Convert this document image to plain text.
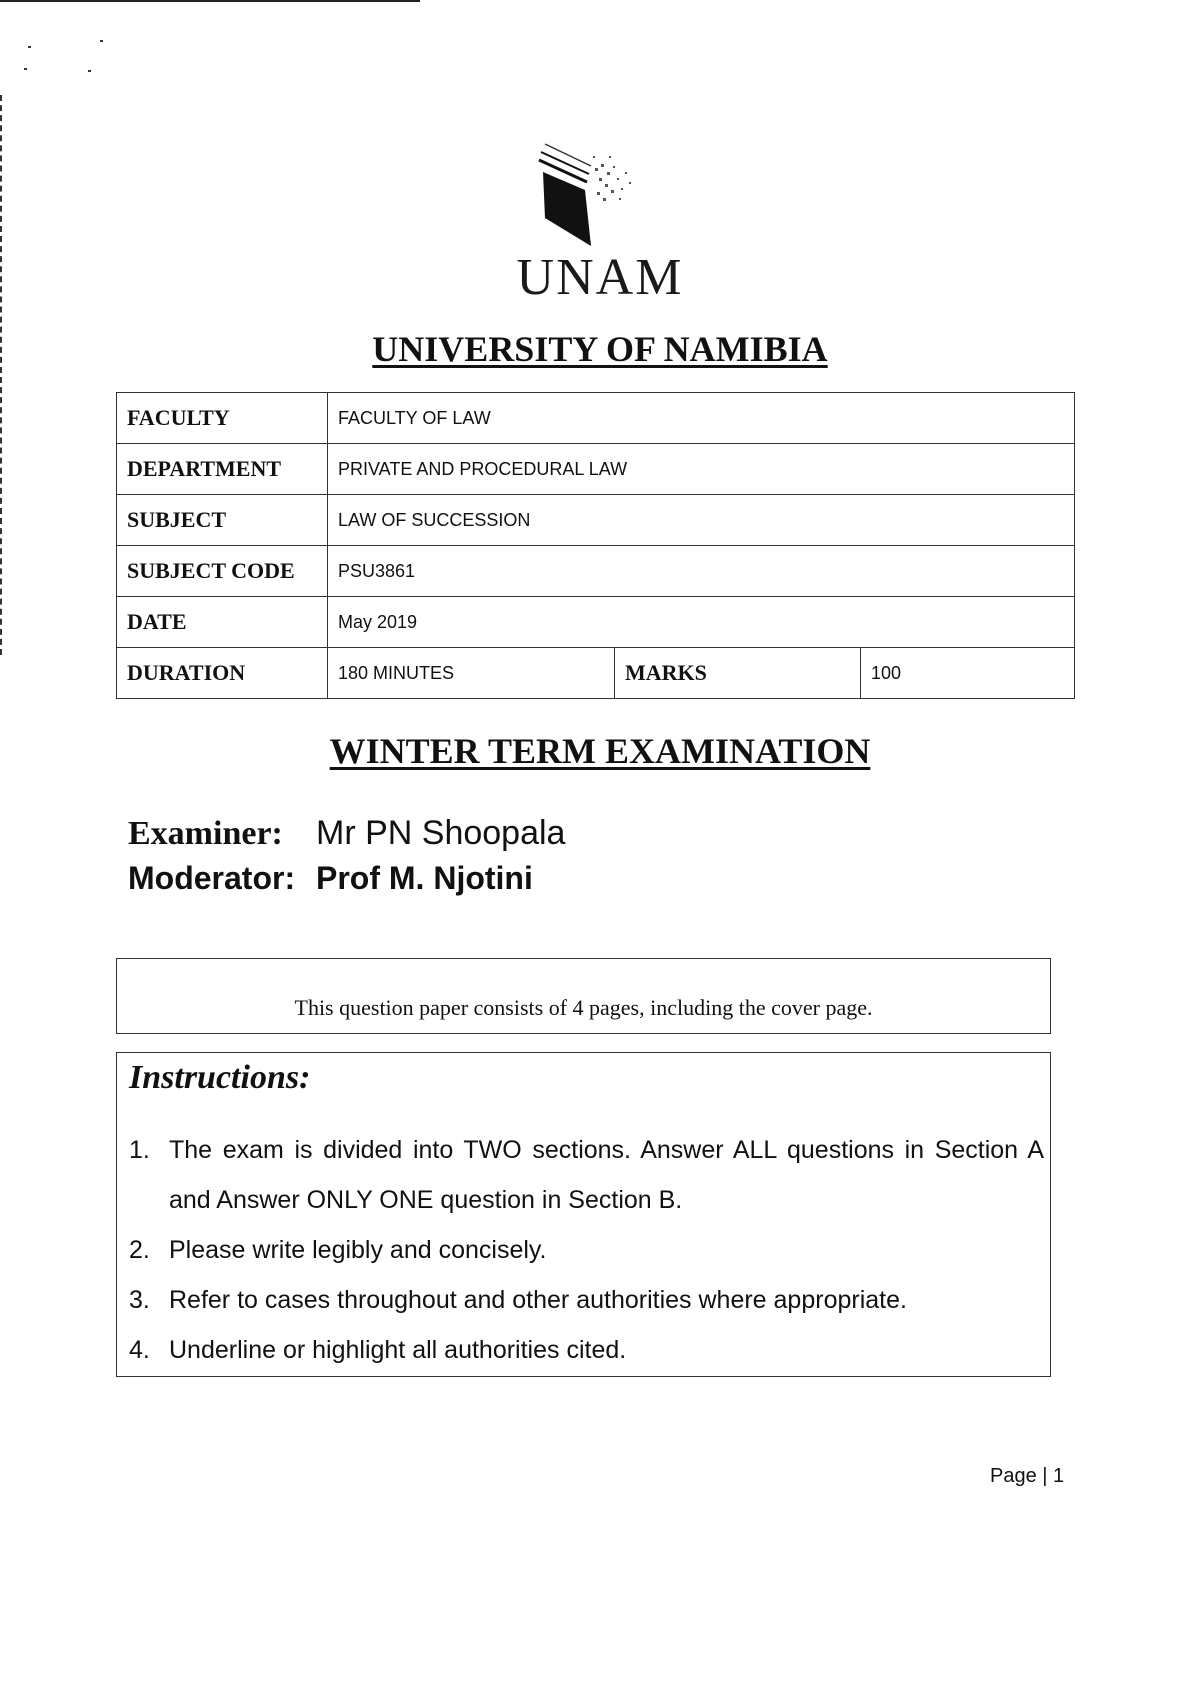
UNAM
UNIVERSITY OF NAMIBIA
FACULTY	FACULTY OF LAW		
DEPARTMENT	PRIVATE AND PROCEDURAL LAW		
SUBJECT	LAW OF SUCCESSION		
SUBJECT CODE	PSU3861		
DATE	May 2019		
DURATION	180 MINUTES	MARKS	100
WINTER TERM EXAMINATION
Examiner: Mr PN Shoopala
Moderator: Prof M. Njotini
This question paper consists of 4 pages, including the cover page.
Instructions:
1. The exam is divided into TWO sections. Answer ALL questions in Section A and Answer ONLY ONE question in Section B.
2. Please write legibly and concisely.
3. Refer to cases throughout and other authorities where appropriate.
4. Underline or highlight all authorities cited.
Page | 1
